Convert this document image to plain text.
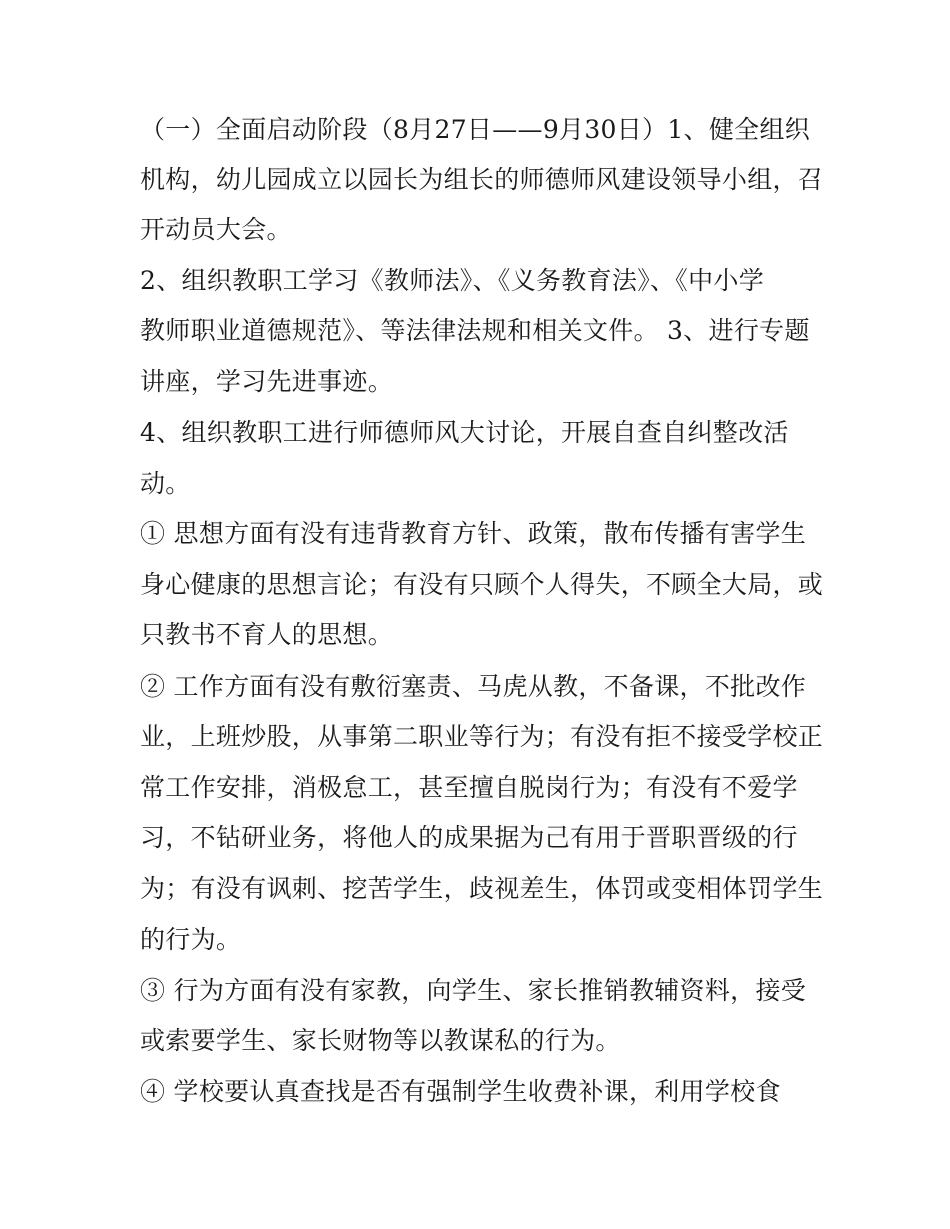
（一）全面启动阶段（8月27日——9月30日）1、健全组织
机构，幼儿园成立以园长为组长的师德师风建设领导小组，召
开动员大会。
2、组织教职工学习《教师法》、《义务教育法》、《中小学
教师职业道德规范》、等法律法规和相关文件。 3、进行专题
讲座，学习先进事迹。
4、组织教职工进行师德师风大讨论，开展自查自纠整改活
动。
① 思想方面有没有违背教育方针、政策，散布传播有害学生
身心健康的思想言论；有没有只顾个人得失，不顾全大局，或
只教书不育人的思想。
② 工作方面有没有敷衍塞责、马虎从教，不备课，不批改作
业，上班炒股，从事第二职业等行为；有没有拒不接受学校正
常工作安排，消极怠工，甚至擅自脱岗行为；有没有不爱学
习，不钻研业务，将他人的成果据为己有用于晋职晋级的行
为；有没有讽刺、挖苦学生，歧视差生，体罚或变相体罚学生
的行为。
③ 行为方面有没有家教，向学生、家长推销教辅资料，接受
或索要学生、家长财物等以教谋私的行为。
④ 学校要认真查找是否有强制学生收费补课，利用学校食
